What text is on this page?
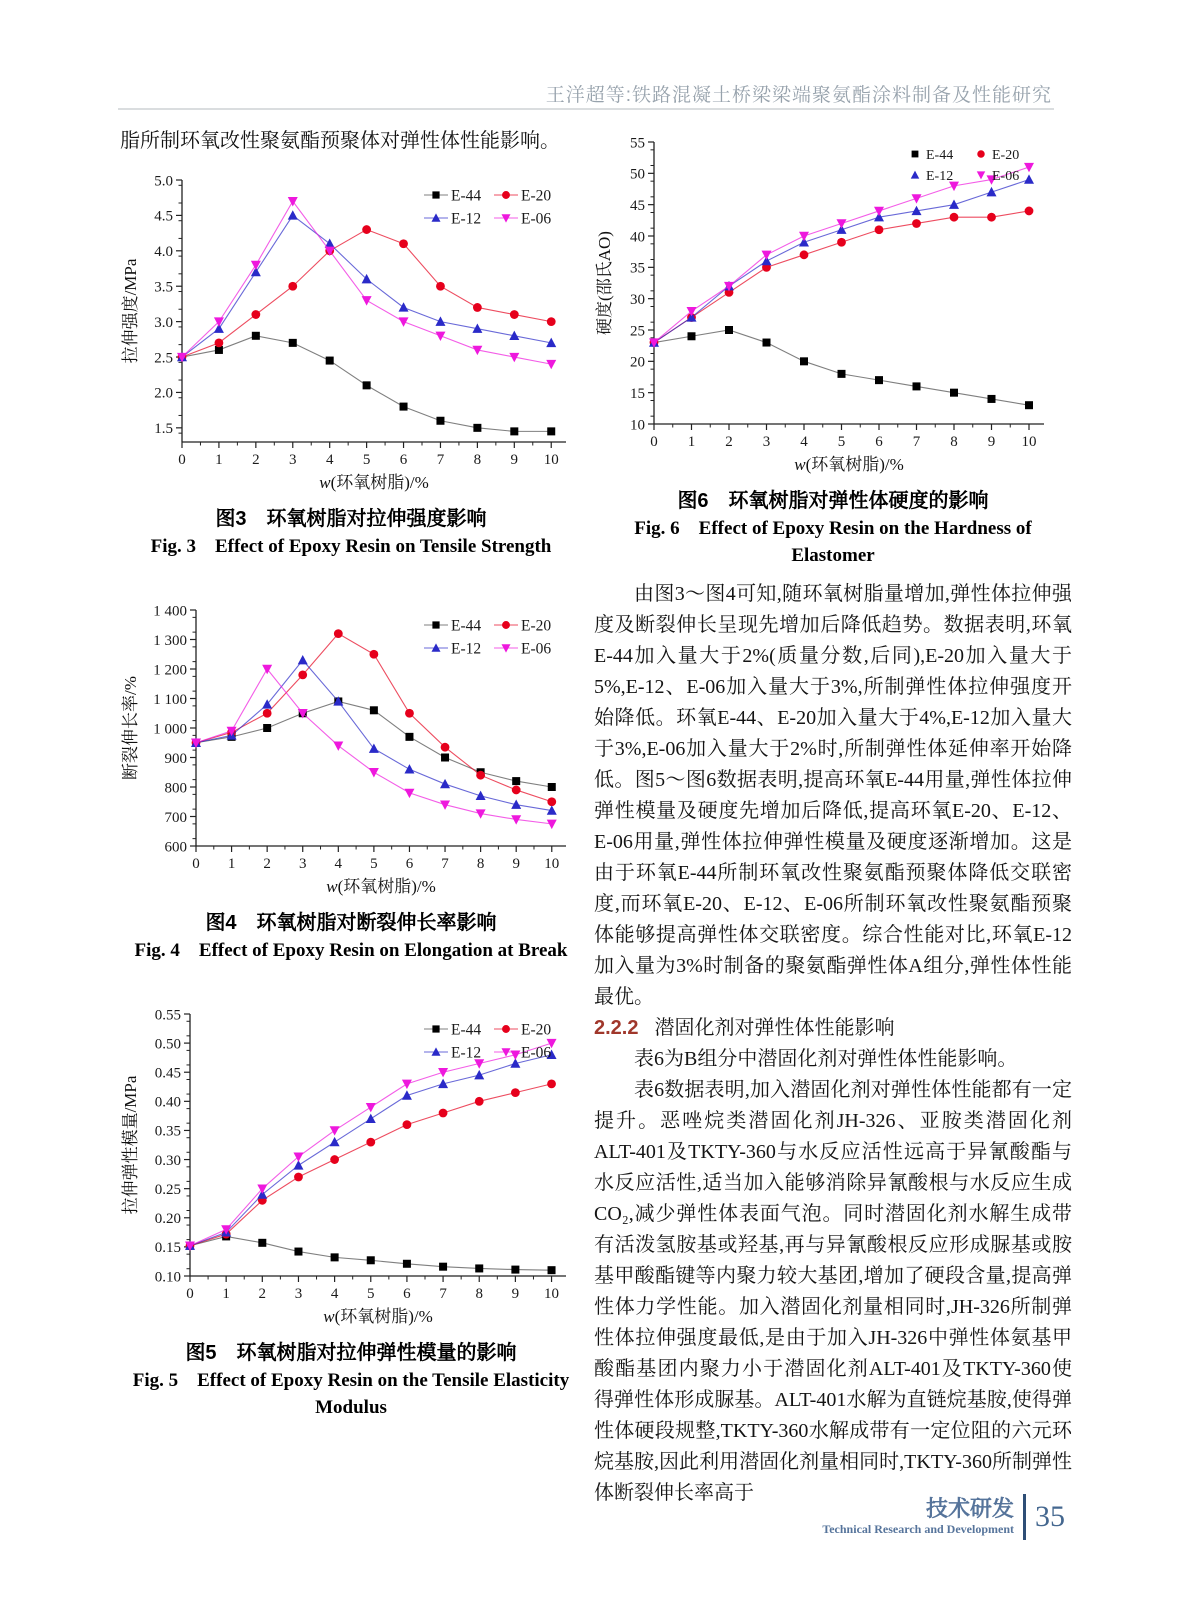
王洋超等:铁路混凝土桥梁梁端聚氨酯涂料制备及性能研究

脂所制环氧改性聚氨酯预聚体对弹性体性能影响。

0 1 2 3 4 5 6 7 8 9 10
1.5
2.0
2.5
3.0
3.5
4.0
4.5
5.0
w(环氧树脂)/%
拉伸强度/MPa
E-44	E-20
E-12	E-06
图3　环氧树脂对拉伸强度影响
Fig. 3　Effect of Epoxy Resin on Tensile Strength
0 1 2 3 4 5 6 7 8 9 10
600
700
800
900
1 000
1 100
1 200
1 300
1 400
w(环氧树脂)/%
断裂伸长率/%
E-44	E-20
E-12	E-06
图4　环氧树脂对断裂伸长率影响
Fig. 4　Effect of Epoxy Resin on Elongation at Break
0 1 2 3 4 5 6 7 8 9 10
0.10
0.15
0.20
0.25
0.30
0.35
0.40
0.45
0.50
0.55
w(环氧树脂)/%
拉伸弹性模量/MPa
E-44	E-20
E-12	E-06
图5　环氧树脂对拉伸弹性模量的影响
Fig. 5　Effect of Epoxy Resin on the Tensile Elasticity Modulus
0 1 2 3 4 5 6 7 8 9 10
10
15
20
25
30
35
40
45
50
55
w(环氧树脂)/%
硬度(邵氏AO)
E-44	E-20
E-12	E-06
图6　环氧树脂对弹性体硬度的影响
Fig. 6　Effect of Epoxy Resin on the Hardness of Elastomer

由图3～图4可知,随环氧树脂量增加,弹性体拉伸强度及断裂伸长呈现先增加后降低趋势。数据表明,环氧E-44加入量大于2%(质量分数,后同),E-20加入量大于5%,E-12、E-06加入量大于3%,所制弹性体拉伸强度开始降低。环氧E-44、E-20加入量大于4%,E-12加入量大于3%,E-06加入量大于2%时,所制弹性体延伸率开始降低。图5～图6数据表明,提高环氧E-44用量,弹性体拉伸弹性模量及硬度先增加后降低,提高环氧E-20、E-12、E-06用量,弹性体拉伸弹性模量及硬度逐渐增加。这是由于环氧E-44所制环氧改性聚氨酯预聚体降低交联密度,而环氧E-20、E-12、E-06所制环氧改性聚氨酯预聚体能够提高弹性体交联密度。综合性能对比,环氧E-12加入量为3%时制备的聚氨酯弹性体A组分,弹性体性能最优。

2.2.2 潜固化剂对弹性体性能影响

表6为B组分中潜固化剂对弹性体性能影响。

表6数据表明,加入潜固化剂对弹性体性能都有一定提升。恶唑烷类潜固化剂JH-326、亚胺类潜固化剂ALT-401及TKTY-360与水反应活性远高于异氰酸酯与水反应活性,适当加入能够消除异氰酸根与水反应生成CO₂,减少弹性体表面气泡。同时潜固化剂水解生成带有活泼氢胺基或羟基,再与异氰酸根反应形成脲基或胺基甲酸酯键等内聚力较大基团,增加了硬段含量,提高弹性体力学性能。加入潜固化剂量相同时,JH-326所制弹性体拉伸强度最低,是由于加入JH-326中弹性体氨基甲酸酯基团内聚力小于潜固化剂ALT-401及TKTY-360使得弹性体形成脲基。ALT-401水解为直链烷基胺,使得弹性体硬段规整,TKTY-360水解成带有一定位阻的六元环烷基胺,因此利用潜固化剂量相同时,TKTY-360所制弹性体断裂伸长率高于

技术研发
Technical Research and Development 35
